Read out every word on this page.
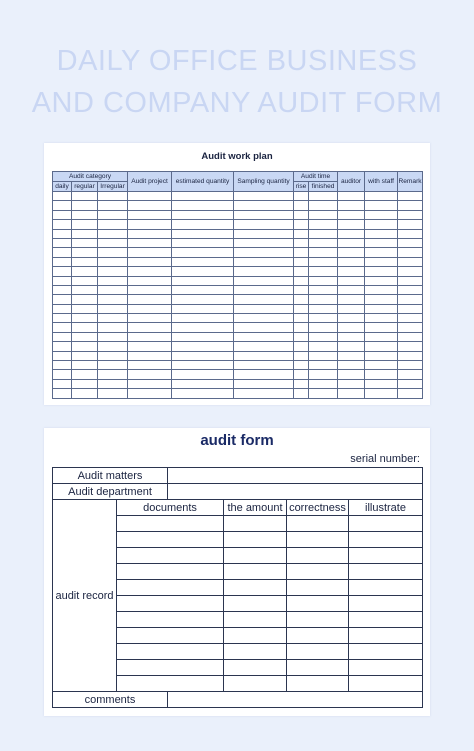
DAILY OFFICE BUSINESS
AND COMPANY AUDIT FORM
Audit work plan
Audit category			Audit project	estimated quantity	Sampling quantity	Audit time		auditor	with staff	Remark
daily	regular	Irregular				rise	finished			

audit form
serial number:
Audit matters					
Audit department					
audit record	documents		the amount	correctness	illustrate

comments					
